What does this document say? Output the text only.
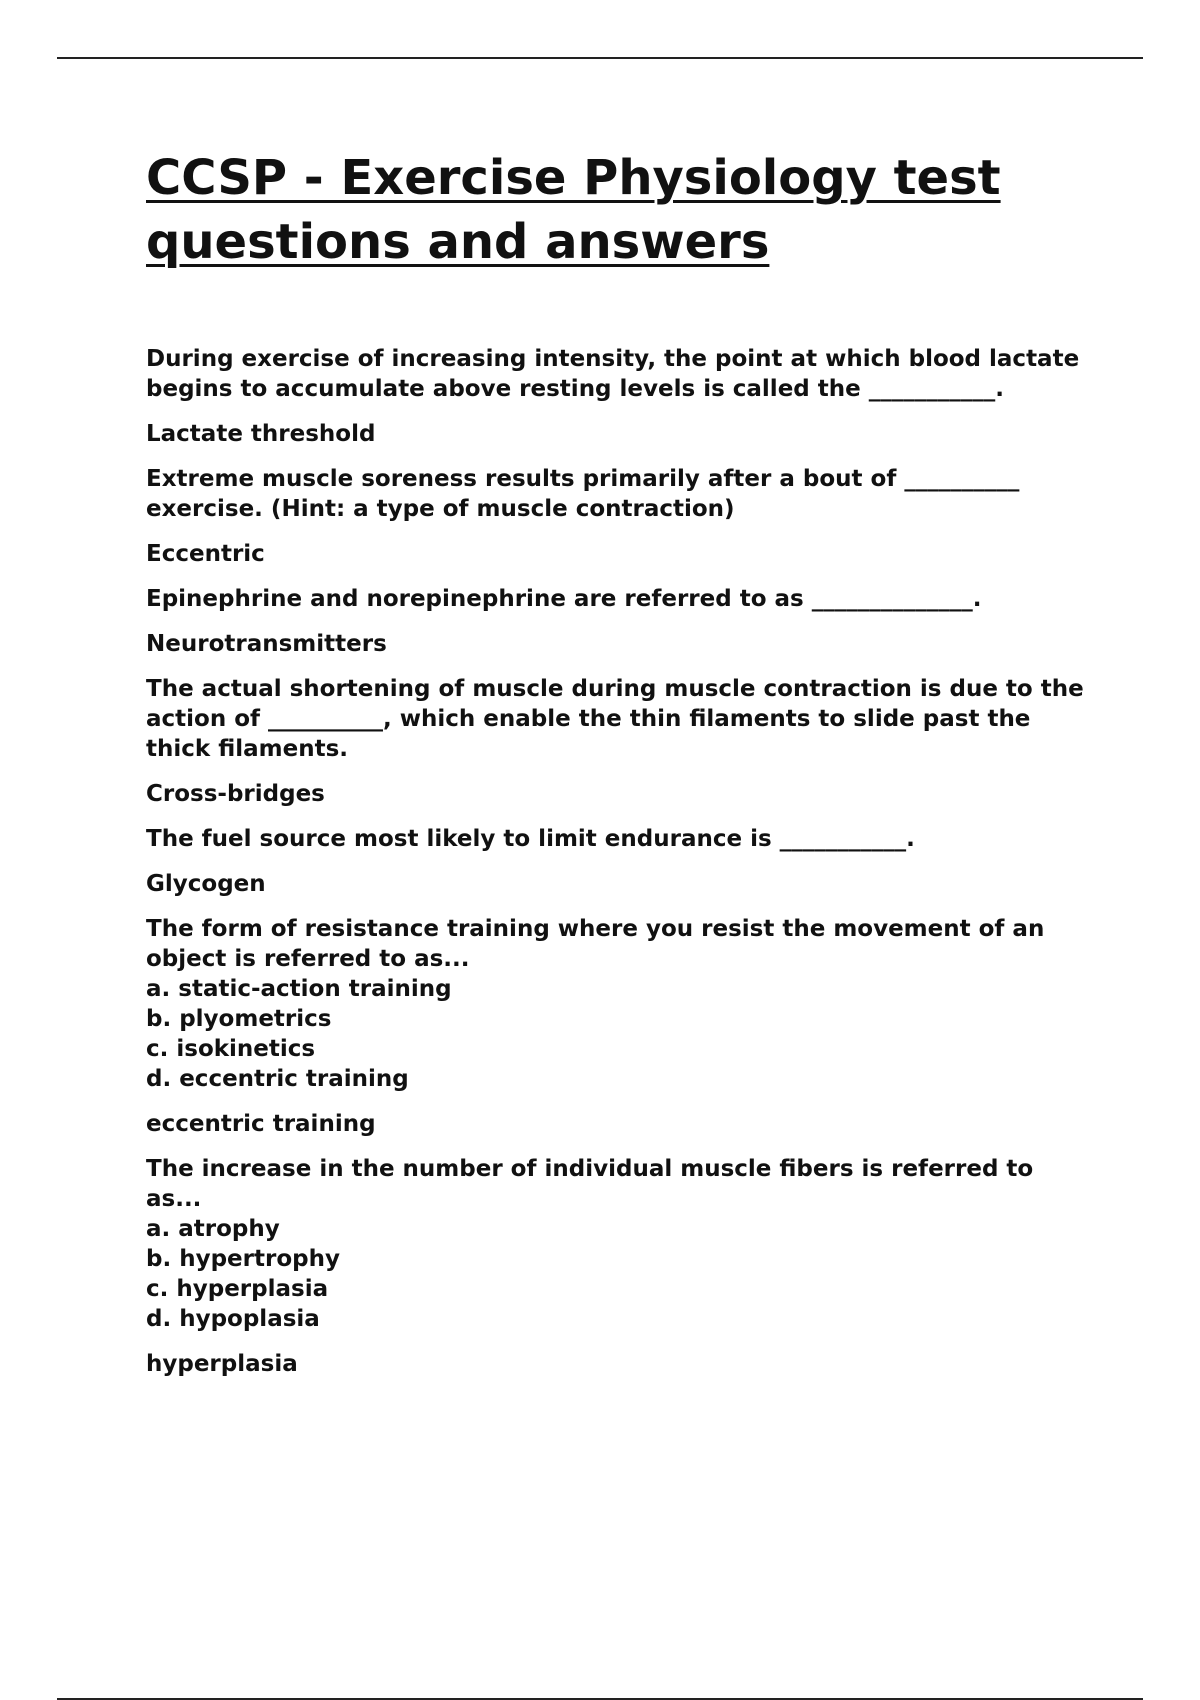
CCSP - Exercise Physiology test questions and answers

During exercise of increasing intensity, the point at which blood lactate begins to accumulate above resting levels is called the ___________.

Lactate threshold

Extreme muscle soreness results primarily after a bout of __________ exercise. (Hint: a type of muscle contraction)

Eccentric

Epinephrine and norepinephrine are referred to as ______________.

Neurotransmitters

The actual shortening of muscle during muscle contraction is due to the action of __________, which enable the thin filaments to slide past the thick filaments.

Cross-bridges

The fuel source most likely to limit endurance is ___________.

Glycogen

The form of resistance training where you resist the movement of an object is referred to as...
a. static-action training
b. plyometrics
c. isokinetics
d. eccentric training

eccentric training

The increase in the number of individual muscle fibers is referred to as...
a. atrophy
b. hypertrophy
c. hyperplasia
d. hypoplasia

hyperplasia
